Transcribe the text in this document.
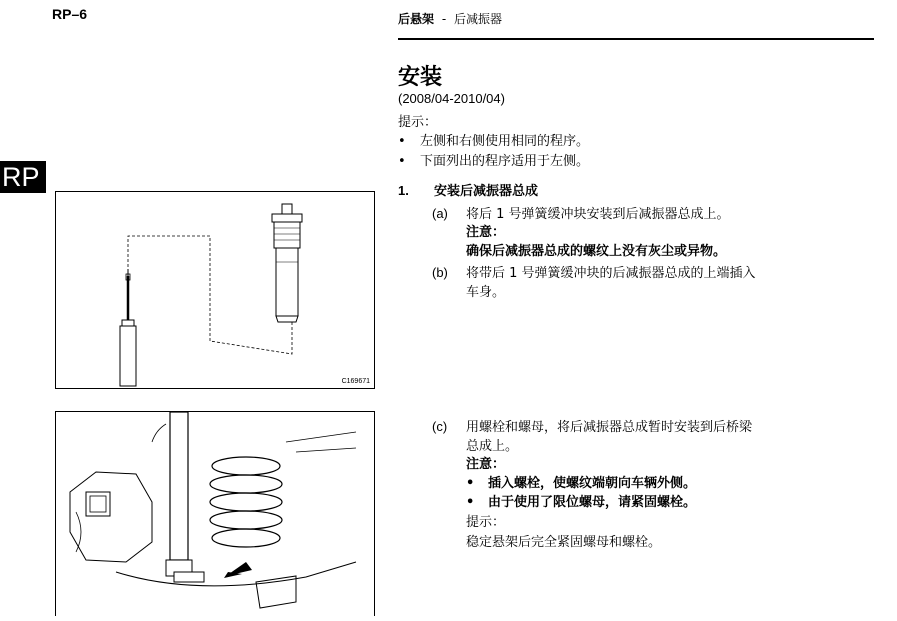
RP–6	后悬架 - 后减振器
RP
安装
(2008/04-2010/04)
提示：
• 左侧和右侧使用相同的程序。
• 下面列出的程序适用于左侧。
1. 安装后减振器总成
(a) 将后 1 号弹簧缓冲块安装到后减振器总成上。
注意：
确保后减振器总成的螺纹上没有灰尘或异物。
(b) 将带后 1 号弹簧缓冲块的后减振器总成的上端插入
车身。
C169671
(c) 用螺栓和螺母，将后减振器总成暂时安装到后桥梁
总成上。
注意：
• 插入螺栓，使螺纹端朝向车辆外侧。
• 由于使用了限位螺母，请紧固螺栓。
提示：
稳定悬架后完全紧固螺母和螺栓。
